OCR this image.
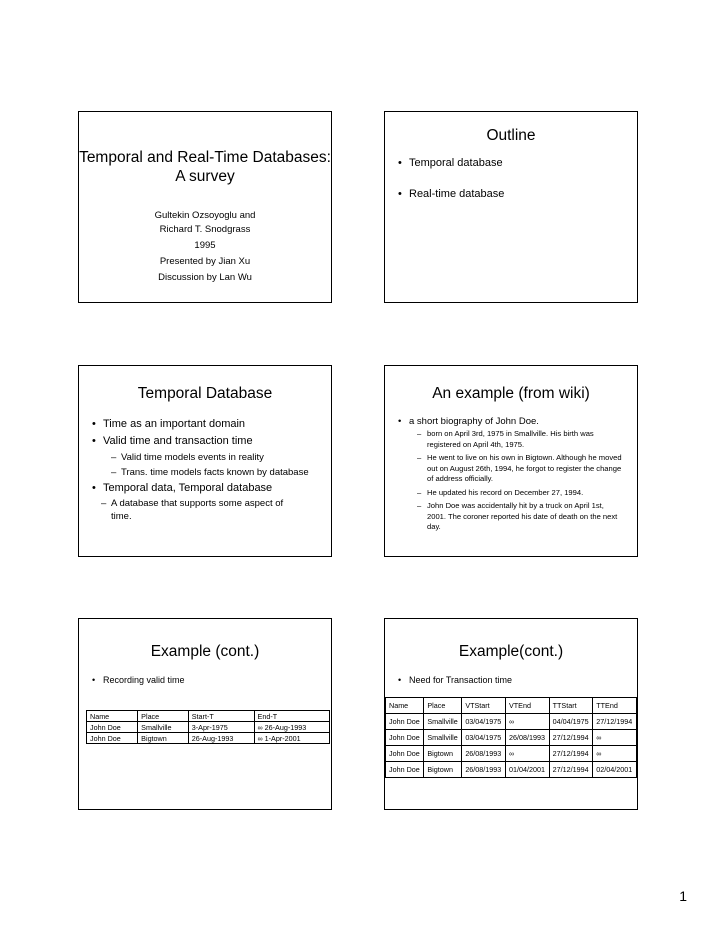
Temporal and Real-Time Databases: A survey
Gultekin Ozsoyoglu and
Richard T. Snodgrass
1995
Presented by Jian Xu
Discussion by Lan Wu
Outline
• Temporal database
• Real-time database
Temporal Database
• Time as an important domain
• Valid time and transaction time
– Valid time models events in reality
– Trans. time models facts known by database
• Temporal data, Temporal database
– A database that supports some aspect of time.
An example (from wiki)
• a short biography of John Doe.
– born on April 3rd, 1975 in Smallville. His birth was registered on April 4th, 1975.
– He went to live on his own in Bigtown. Although he moved out on August 26th, 1994, he forgot to register the change of address officially.
– He updated his record on December 27, 1994.
– John Doe was accidentally hit by a truck on April 1st, 2001. The coroner reported his date of death on the next day.
Example (cont.)
• Recording valid time
Name	Place	Start-T	End-T
John Doe	Smallville	3-Apr-1975	∞ 26-Aug-1993
John Doe	Bigtown	26-Aug-1993	∞ 1-Apr-2001
Example(cont.)
• Need for Transaction time
Name	Place	VTStart	VTEnd	TTStart	TTEnd
John Doe	Smallville	03/04/1975	∞	04/04/1975	27/12/1994
John Doe	Smallville	03/04/1975	26/08/1993	27/12/1994	∞
John Doe	Bigtown	26/08/1993	∞	27/12/1994	∞
John Doe	Bigtown	26/08/1993	01/04/2001	27/12/1994	02/04/2001
1
